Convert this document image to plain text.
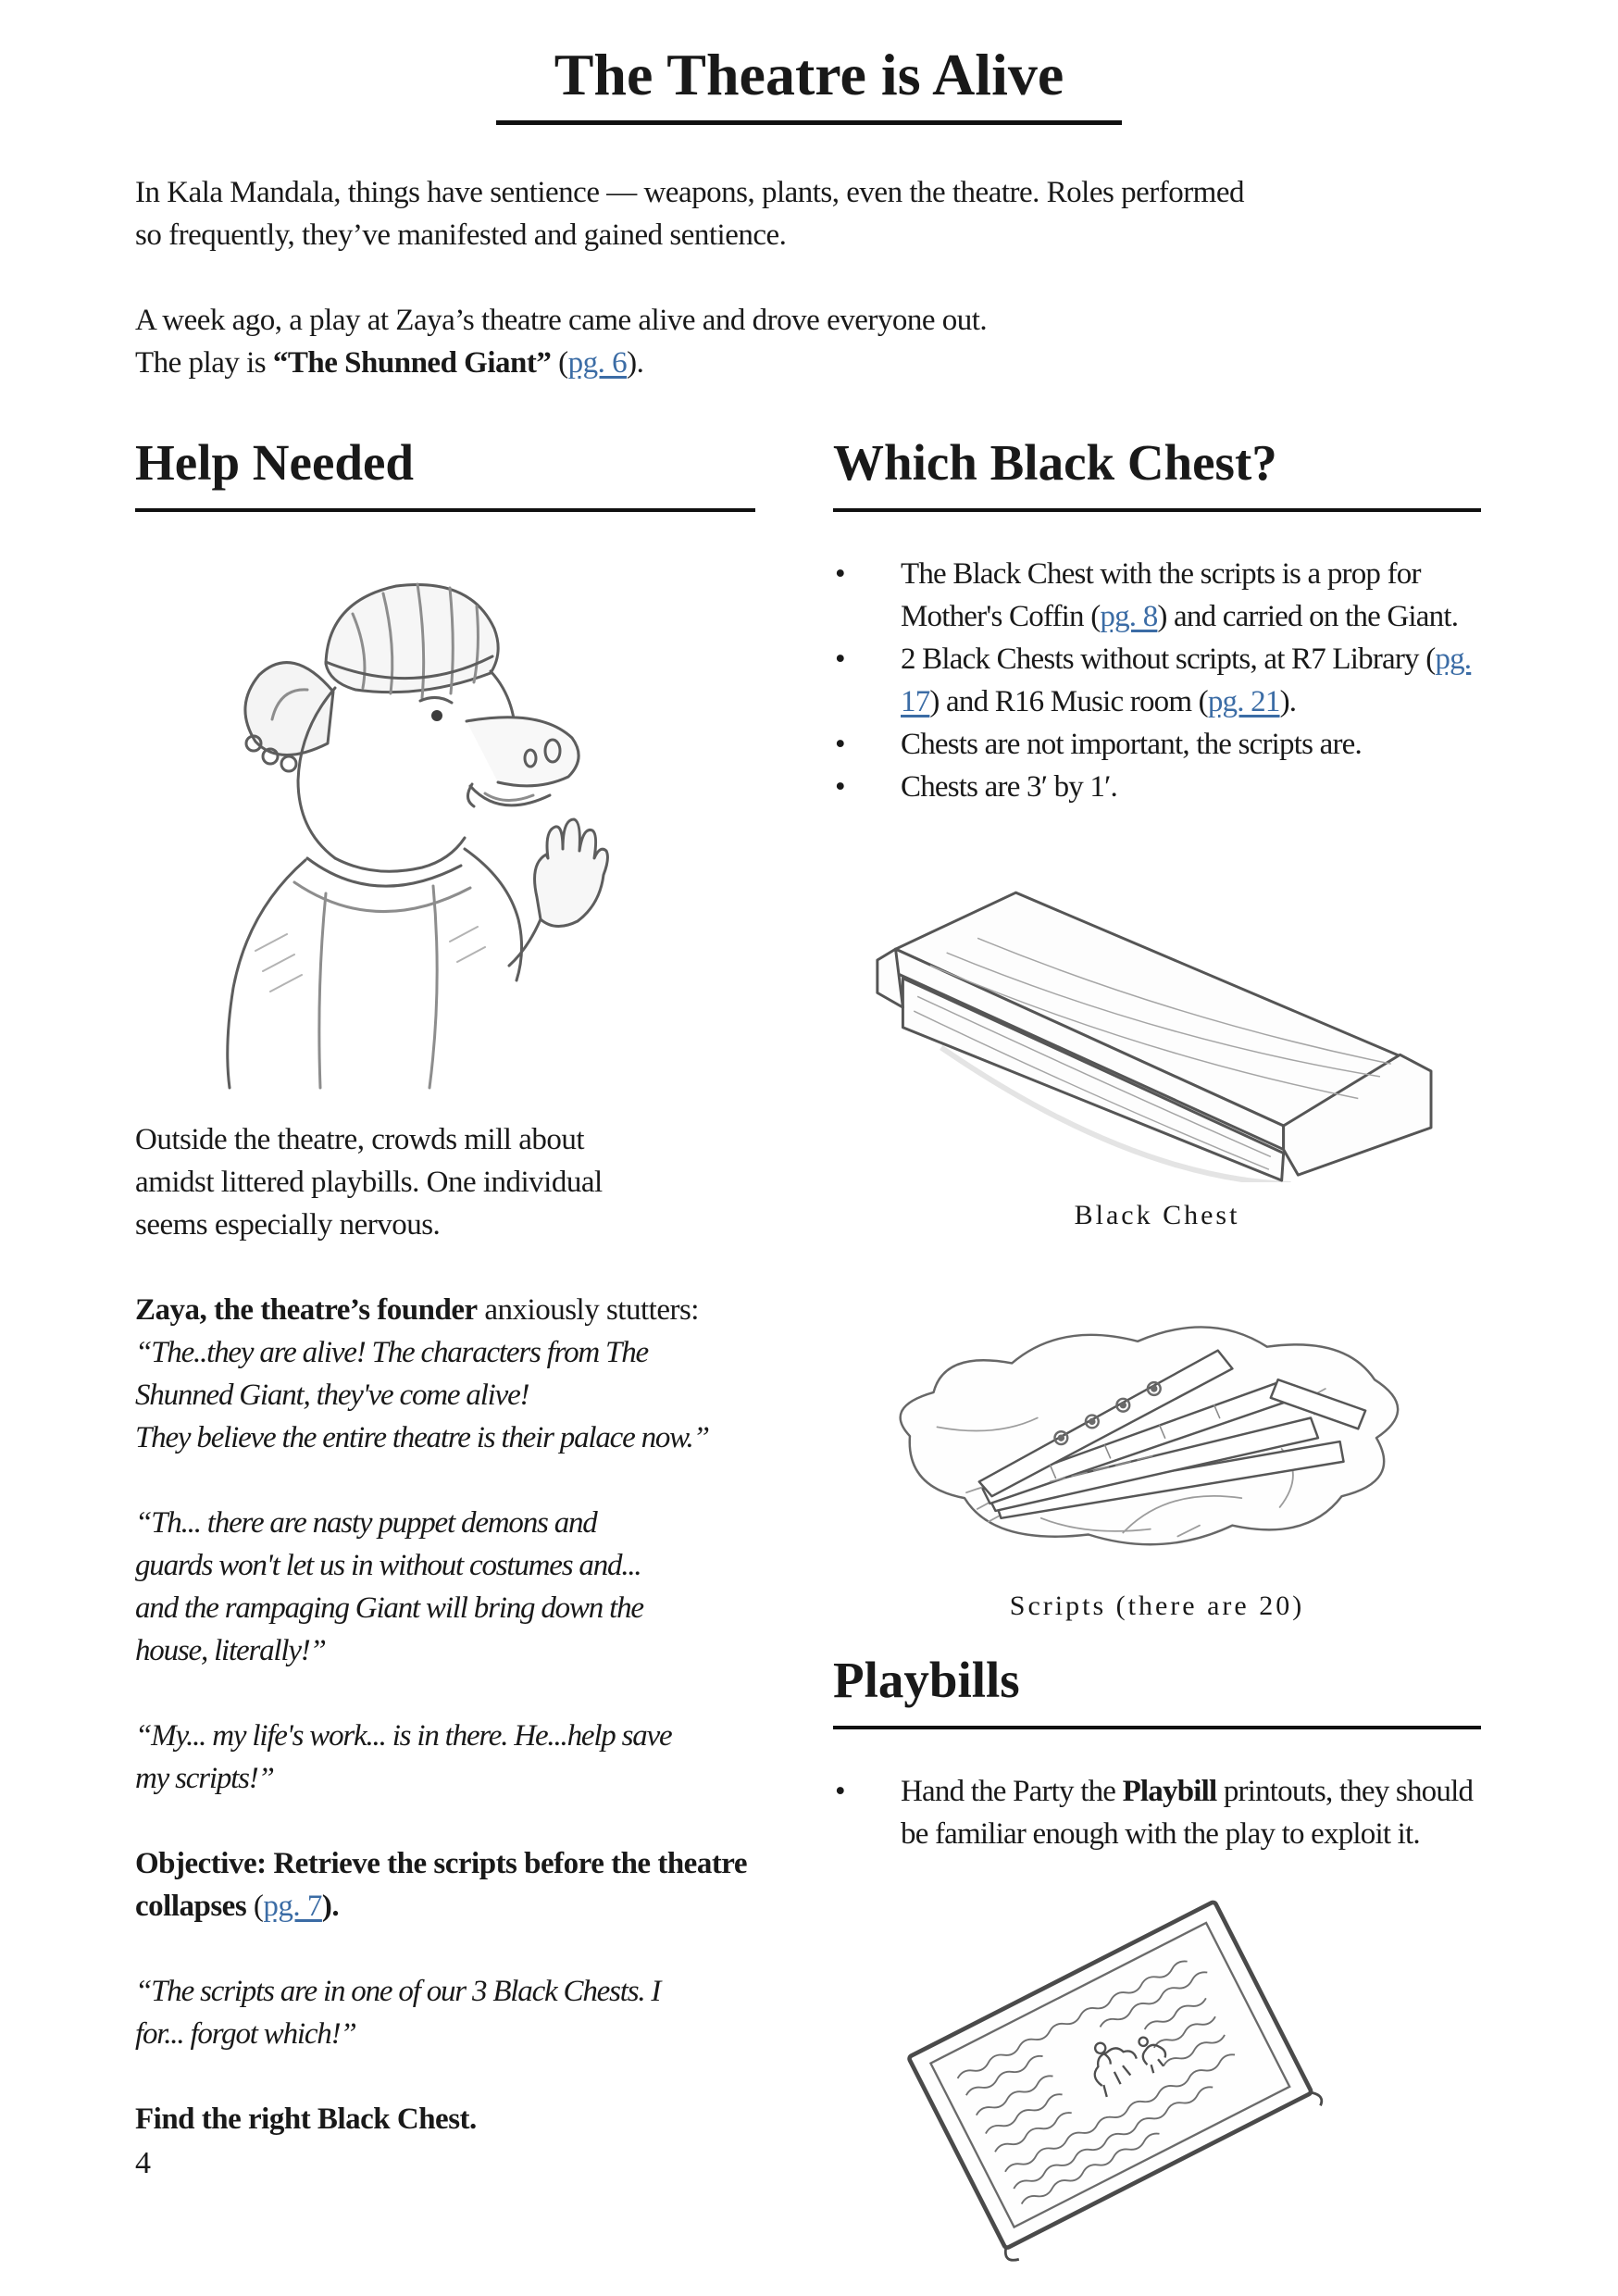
The Theatre is Alive
In Kala Mandala, things have sentience — weapons, plants, even the theatre. Roles performed
so frequently, they’ve manifested and gained sentience.
A week ago, a play at Zaya’s theatre came alive and drove everyone out.
The play is “The Shunned Giant” (pg. 6).
Help Needed
Outside the theatre, crowds mill about
amidst littered playbills. One individual
seems especially nervous.

Zaya, the theatre’s founder anxiously stutters:

“The..they are alive! The characters from The
Shunned Giant, they've come alive!
They believe the entire theatre is their palace now.”
“Th... there are nasty puppet demons and
guards won't let us in without costumes and...
and the rampaging Giant will bring down the
house, literally!”
“My... my life's work... is in there. He...help save
my scripts!”

Objective: Retrieve the scripts before the theatre collapses (pg. 7).

“The scripts are in one of our 3 Black Chests. I
for... forgot which!”

Find the right Black Chest.

Which Black Chest?
• The Black Chest with the scripts is a prop for Mother's Coffin (pg. 8) and carried on the Giant.
• 2 Black Chests without scripts, at R7 Library (pg. 17) and R16 Music room (pg. 21).
• Chests are not important, the scripts are.
• Chests are 3′ by 1′.
Black Chest
Scripts (there are 20)
Playbills
• Hand the Party the Playbill printouts, they should be familiar enough with the play to exploit it.
4
